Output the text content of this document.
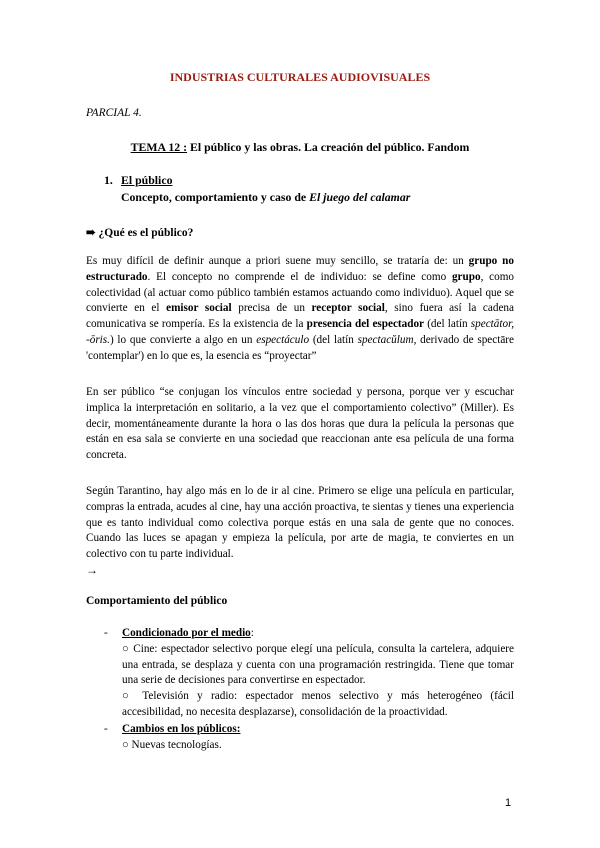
INDUSTRIAS CULTURALES AUDIOVISUALES
PARCIAL 4.
TEMA 12 : El público y las obras. La creación del público. Fandom
1. El público
Concepto, comportamiento y caso de El juego del calamar
➠ ¿Qué es el público?

Es muy difícil de definir aunque a priori suene muy sencillo, se trataría de: un grupo no estructurado. El concepto no comprende el de individuo: se define como grupo, como colectividad (al actuar como público también estamos actuando como individuo). Aquel que se convierte en el emisor social precisa de un receptor social, sino fuera así la cadena comunicativa se rompería. Es la existencia de la presencia del espectador (del latín spectātor, -ōris.) lo que convierte a algo en un espectáculo (del latín spectacŭlum, derivado de spectāre 'contemplar') en lo que es, la esencia es “proyectar”

En ser público “se conjugan los vínculos entre sociedad y persona, porque ver y escuchar implica la interpretación en solitario, a la vez que el comportamiento colectivo” (Miller). Es decir, momentáneamente durante la hora o las dos horas que dura la película la personas que están en esa sala se convierte en una sociedad que reaccionan ante esa película de una forma concreta.

Según Tarantino, hay algo más en lo de ir al cine. Primero se elige una película en particular, compras la entrada, acudes al cine, hay una acción proactiva, te sientas y tienes una experiencia que es tanto individual como colectiva porque estás en una sala de gente que no conoces. Cuando las luces se apagan y empieza la película, por arte de magia, te conviertes en un colectivo con tu parte individual.

→
Comportamiento del público
- Condicionado por el medio:
○ Cine: espectador selectivo porque elegí una película, consulta la cartelera, adquiere una entrada, se desplaza y cuenta con una programación restringida. Tiene que tomar una serie de decisiones para convertirse en espectador.
○ Televisión y radio: espectador menos selectivo y más heterogéneo (fácil accesibilidad, no necesita desplazarse), consolidación de la proactividad.
- Cambios en los públicos:
○ Nuevas tecnologías.
1
